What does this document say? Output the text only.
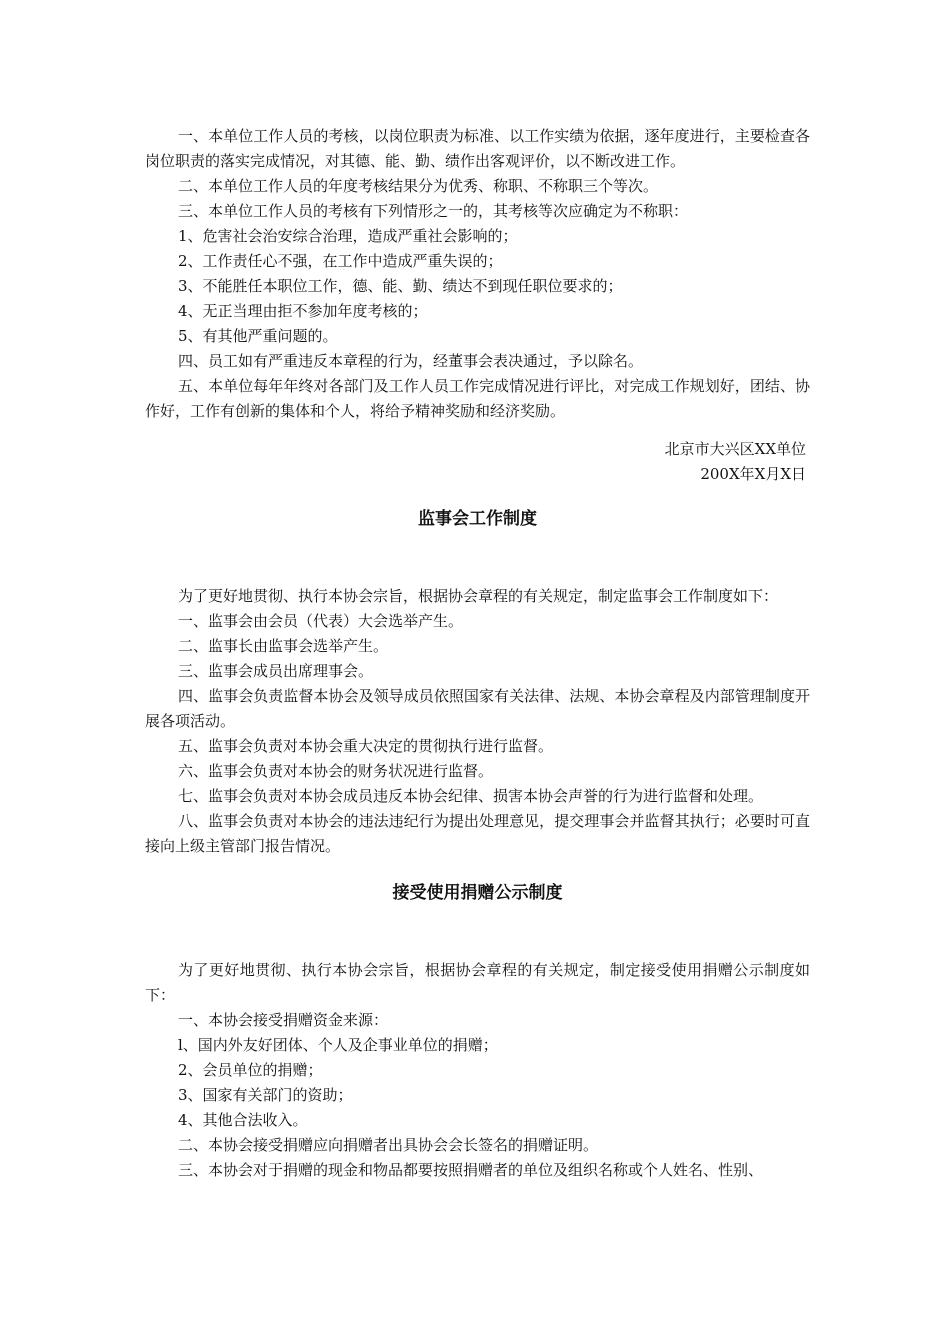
一、本单位工作人员的考核，以岗位职责为标准、以工作实绩为依据，逐年度进行，主要检查各岗位职责的落实完成情况，对其德、能、勤、绩作出客观评价，以不断改进工作。

二、本单位工作人员的年度考核结果分为优秀、称职、不称职三个等次。

三、本单位工作人员的考核有下列情形之一的，其考核等次应确定为不称职：

1、危害社会治安综合治理，造成严重社会影响的；

2、工作责任心不强，在工作中造成严重失误的；

3、不能胜任本职位工作，德、能、勤、绩达不到现任职位要求的；

4、无正当理由拒不参加年度考核的；

5、有其他严重问题的。

四、员工如有严重违反本章程的行为，经董事会表决通过，予以除名。

五、本单位每年年终对各部门及工作人员工作完成情况进行评比，对完成工作规划好，团结、协作好，工作有创新的集体和个人，将给予精神奖励和经济奖励。

北京市大兴区XX单位

200X年X月X日

监事会工作制度

为了更好地贯彻、执行本协会宗旨，根据协会章程的有关规定，制定监事会工作制度如下：

一、监事会由会员（代表）大会选举产生。

二、监事长由监事会选举产生。

三、监事会成员出席理事会。

四、监事会负责监督本协会及领导成员依照国家有关法律、法规、本协会章程及内部管理制度开展各项活动。

五、监事会负责对本协会重大决定的贯彻执行进行监督。

六、监事会负责对本协会的财务状况进行监督。

七、监事会负责对本协会成员违反本协会纪律、损害本协会声誉的行为进行监督和处理。

八、监事会负责对本协会的违法违纪行为提出处理意见，提交理事会并监督其执行；必要时可直接向上级主管部门报告情况。

接受使用捐赠公示制度

为了更好地贯彻、执行本协会宗旨，根据协会章程的有关规定，制定接受使用捐赠公示制度如下：

一、本协会接受捐赠资金来源：

l、国内外友好团体、个人及企事业单位的捐赠；

2、会员单位的捐赠；

3、国家有关部门的资助；

4、其他合法收入。

二、本协会接受捐赠应向捐赠者出具协会会长签名的捐赠证明。

三、本协会对于捐赠的现金和物品都要按照捐赠者的单位及组织名称或个人姓名、性别、
